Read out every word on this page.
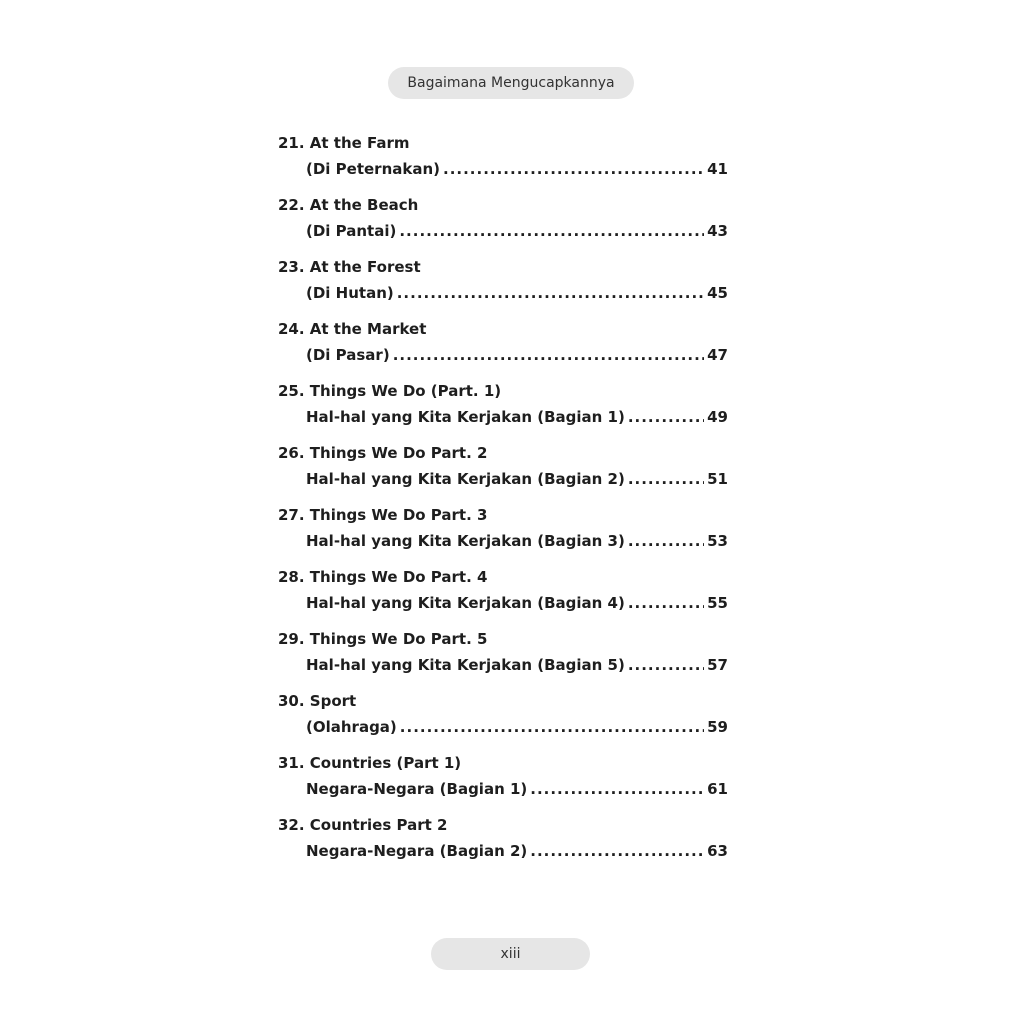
Bagaimana Mengucapkannya
21. At the Farm
(Di Peternakan) .....	41
22. At the Beach
(Di Pantai) .....	43
23. At the Forest
(Di Hutan) .....	45
24. At the Market
(Di Pasar) .....	47
25. Things We Do (Part. 1)
Hal-hal yang Kita Kerjakan (Bagian 1) .....	49
26. Things We Do Part. 2
Hal-hal yang Kita Kerjakan (Bagian 2) .....	51
27. Things We Do Part. 3
Hal-hal yang Kita Kerjakan (Bagian 3) .....	53
28. Things We Do Part. 4
Hal-hal yang Kita Kerjakan (Bagian 4) .....	55
29. Things We Do Part. 5
Hal-hal yang Kita Kerjakan (Bagian 5) .....	57
30. Sport
(Olahraga) .....	59
31. Countries (Part 1)
Negara-Negara (Bagian 1) .....	61
32. Countries Part 2
Negara-Negara (Bagian 2) .....	63
xiii
